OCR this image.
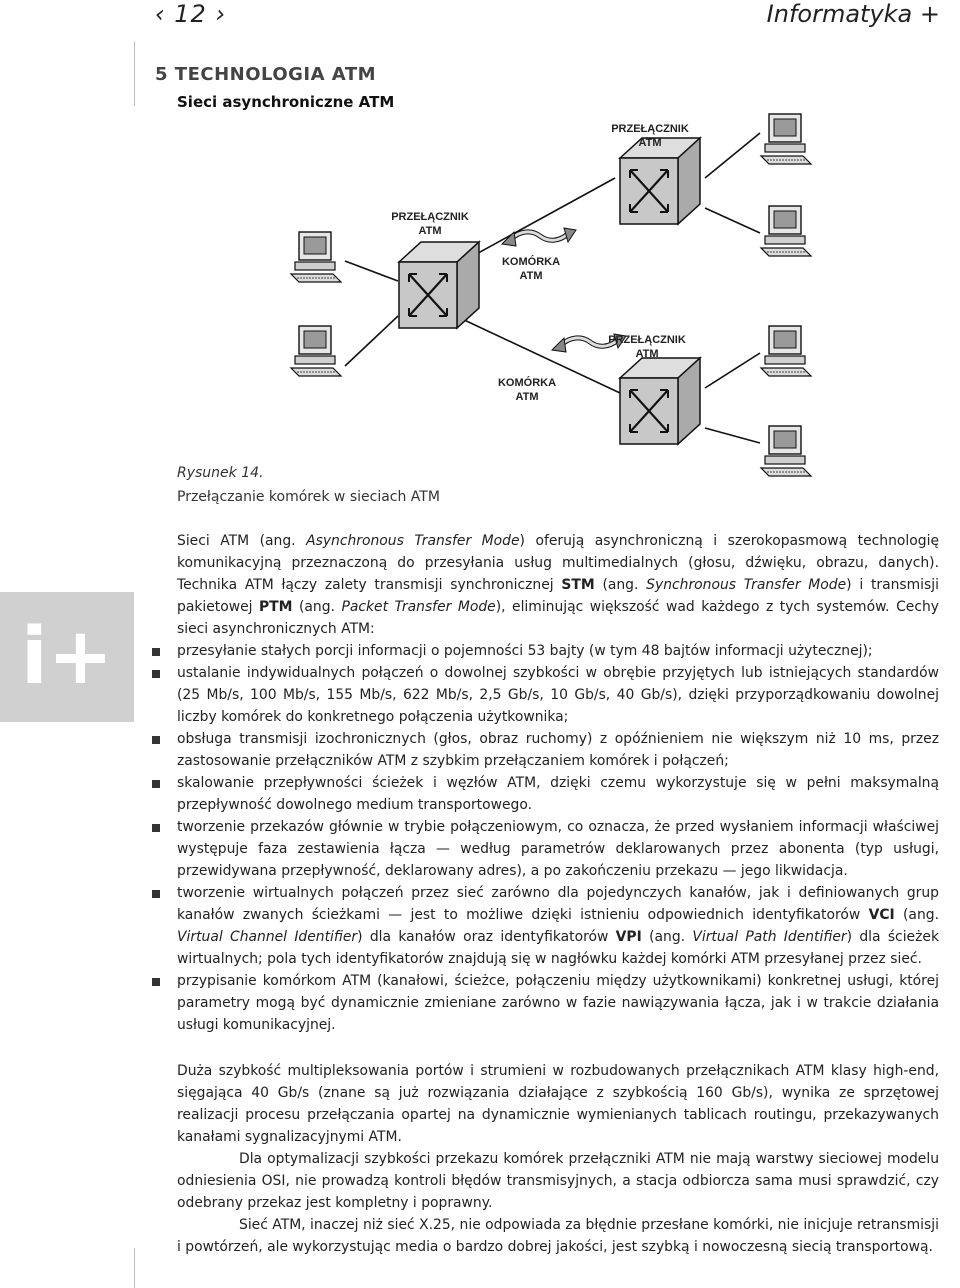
‹ 12 ›	Informatyka +
5 TECHNOLOGIA ATM
Sieci asynchroniczne ATM
PRZEŁĄCZNIK
ATM
PRZEŁĄCZNIK
ATM
KOMÓRKA
ATM
PRZEŁĄCZNIK
ATM
KOMÓRKA
ATM
Rysunek 14.
Przełączanie komórek w sieciach ATM
i+

Sieci ATM (ang. Asynchronous Transfer Mode) oferują asynchroniczną i szerokopasmową technologię komunikacyjną przeznaczoną do przesyłania usług multimedialnych (głosu, dźwięku, obrazu, danych). Technika ATM łączy zalety transmisji synchronicznej STM (ang. Synchronous Transfer Mode) i transmisji pakietowej PTM (ang. Packet Transfer Mode), eliminując większość wad każdego z tych systemów. Cechy sieci asynchronicznych ATM:

przesyłanie stałych porcji informacji o pojemności 53 bajty (w tym 48 bajtów informacji użytecznej);
ustalanie indywidualnych połączeń o dowolnej szybkości w obrębie przyjętych lub istniejących standardów (25 Mb/s, 100 Mb/s, 155 Mb/s, 622 Mb/s, 2,5 Gb/s, 10 Gb/s, 40 Gb/s), dzięki przyporządkowaniu dowolnej liczby komórek do konkretnego połączenia użytkownika;
obsługa transmisji izochronicznych (głos, obraz ruchomy) z opóźnieniem nie większym niż 10 ms, przez zastosowanie przełączników ATM z szybkim przełączaniem komórek i połączeń;
skalowanie przepływności ścieżek i węzłów ATM, dzięki czemu wykorzystuje się w pełni maksymalną przepływność dowolnego medium transportowego.
tworzenie przekazów głównie w trybie połączeniowym, co oznacza, że przed wysłaniem informacji właściwej występuje faza zestawienia łącza — według parametrów deklarowanych przez abonenta (typ usługi, przewidywana przepływność, deklarowany adres), a po zakończeniu przekazu — jego likwidacja.
tworzenie wirtualnych połączeń przez sieć zarówno dla pojedynczych kanałów, jak i definiowanych grup kanałów zwanych ścieżkami — jest to możliwe dzięki istnieniu odpowiednich identyfikatorów VCI (ang. Virtual Channel Identifier) dla kanałów oraz identyfikatorów VPI (ang. Virtual Path Identifier) dla ścieżek wirtualnych; pola tych identyfikatorów znajdują się w nagłówku każdej komórki ATM przesyłanej przez sieć.
przypisanie komórkom ATM (kanałowi, ścieżce, połączeniu między użytkownikami) konkretnej usługi, której parametry mogą być dynamicznie zmieniane zarówno w fazie nawiązywania łącza, jak i w trakcie działania usługi komunikacyjnej.

Duża szybkość multipleksowania portów i strumieni w rozbudowanych przełącznikach ATM klasy high-end, sięgająca 40 Gb/s (znane są już rozwiązania działające z szybkością 160 Gb/s), wynika ze sprzętowej realizacji procesu przełączania opartej na dynamicznie wymienianych tablicach routingu, przekazywanych kanałami sygnalizacyjnymi ATM.

Dla optymalizacji szybkości przekazu komórek przełączniki ATM nie mają warstwy sieciowej modelu odniesienia OSI, nie prowadzą kontroli błędów transmisyjnych, a stacja odbiorcza sama musi sprawdzić, czy odebrany przekaz jest kompletny i poprawny.

Sieć ATM, inaczej niż sieć X.25, nie odpowiada za błędnie przesłane komórki, nie inicjuje retransmisji i powtórzeń, ale wykorzystując media o bardzo dobrej jakości, jest szybką i nowoczesną siecią transportową.
